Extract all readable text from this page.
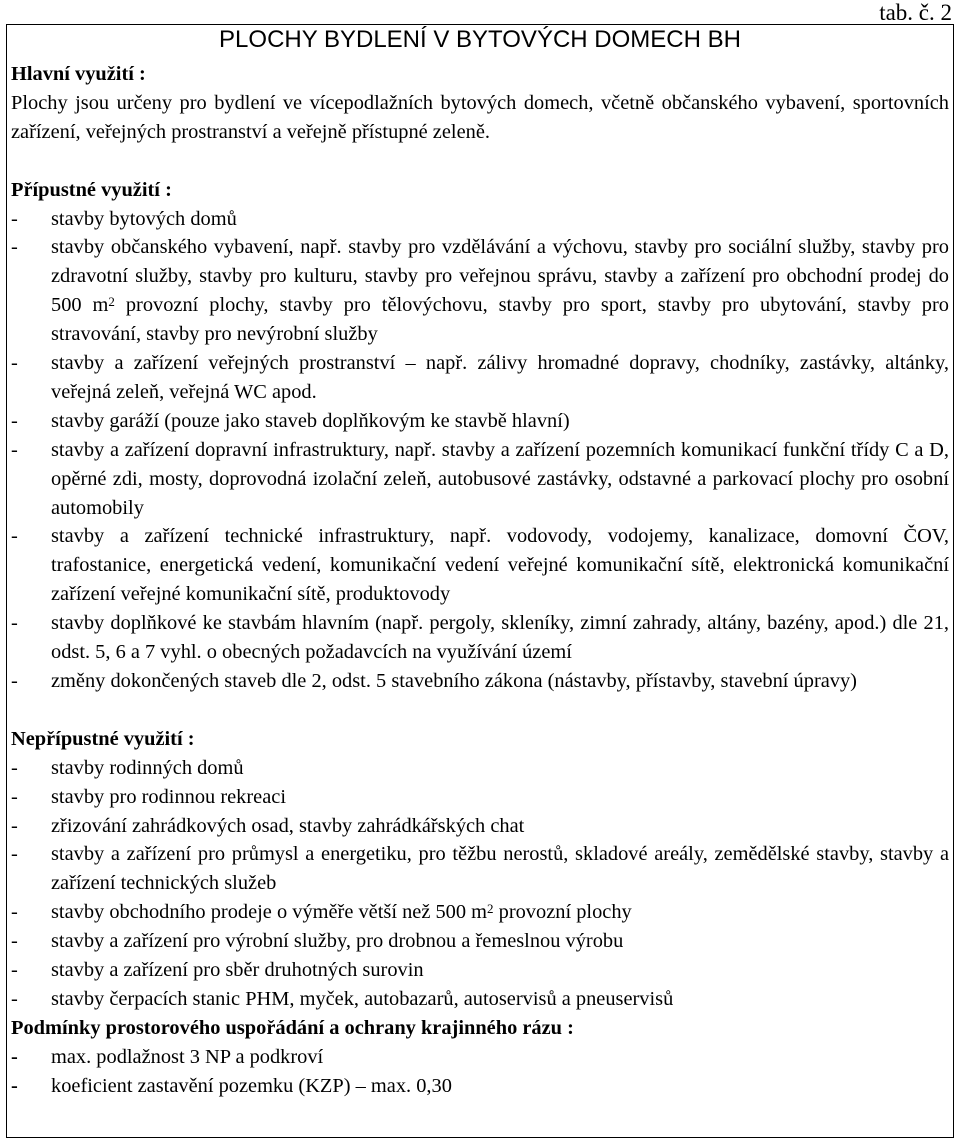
tab. č. 2
PLOCHY BYDLENÍ V BYTOVÝCH DOMECH BH

Hlavní využití :

Plochy jsou určeny pro bydlení ve vícepodlažních bytových domech, včetně občanského vybavení, sportovních zařízení, veřejných prostranství a veřejně přístupné zeleně.

Přípustné využití :

-	stavby bytových domů
-	stavby občanského vybavení, např. stavby pro vzdělávání a výchovu, stavby pro sociální služby, stavby pro zdravotní služby, stavby pro kulturu, stavby pro veřejnou správu, stavby a zařízení pro obchodní prodej do 500 $m^2$ provozní plochy, stavby pro tělovýchovu, stavby pro sport, stavby pro ubytování, stavby pro stravování, stavby pro nevýrobní služby
-	stavby a zařízení veřejných prostranství – např. zálivy hromadné dopravy, chodníky, zastávky, altánky, veřejná zeleň, veřejná WC apod.
-	stavby garáží (pouze jako staveb doplňkovým ke stavbě hlavní)
-	stavby a zařízení dopravní infrastruktury, např. stavby a zařízení pozemních komunikací funkční třídy C a D, opěrné zdi, mosty, doprovodná izolační zeleň, autobusové zastávky, odstavné a parkovací plochy pro osobní automobily
-	stavby a zařízení technické infrastruktury, např. vodovody, vodojemy, kanalizace, domovní ČOV, trafostanice, energetická vedení, komunikační vedení veřejné komunikační sítě, elektronická komunikační zařízení veřejné komunikační sítě, produktovody
-	stavby doplňkové ke stavbám hlavním (např. pergoly, skleníky, zimní zahrady, altány, bazény, apod.) dle 21, odst. 5, 6 a 7 vyhl. o obecných požadavcích na využívání území
-	změny dokončených staveb dle 2, odst. 5 stavebního zákona (nástavby, přístavby, stavební úpravy)

Nepřípustné využití :

-	stavby rodinných domů
-	stavby pro rodinnou rekreaci
-	zřizování zahrádkových osad, stavby zahrádkářských chat
-	stavby a zařízení pro průmysl a energetiku, pro těžbu nerostů, skladové areály, zemědělské stavby, stavby a zařízení technických služeb
-	stavby obchodního prodeje o výměře větší než 500 $m^2$ provozní plochy
-	stavby a zařízení pro výrobní služby, pro drobnou a řemeslnou výrobu
-	stavby a zařízení pro sběr druhotných surovin
-	stavby čerpacích stanic PHM, myček, autobazarů, autoservisů a pneuservisů

Podmínky prostorového uspořádání a ochrany krajinného rázu :

-	max. podlažnost 3 NP a podkroví
-	koeficient zastavění pozemku (KZP) – max. 0,30
